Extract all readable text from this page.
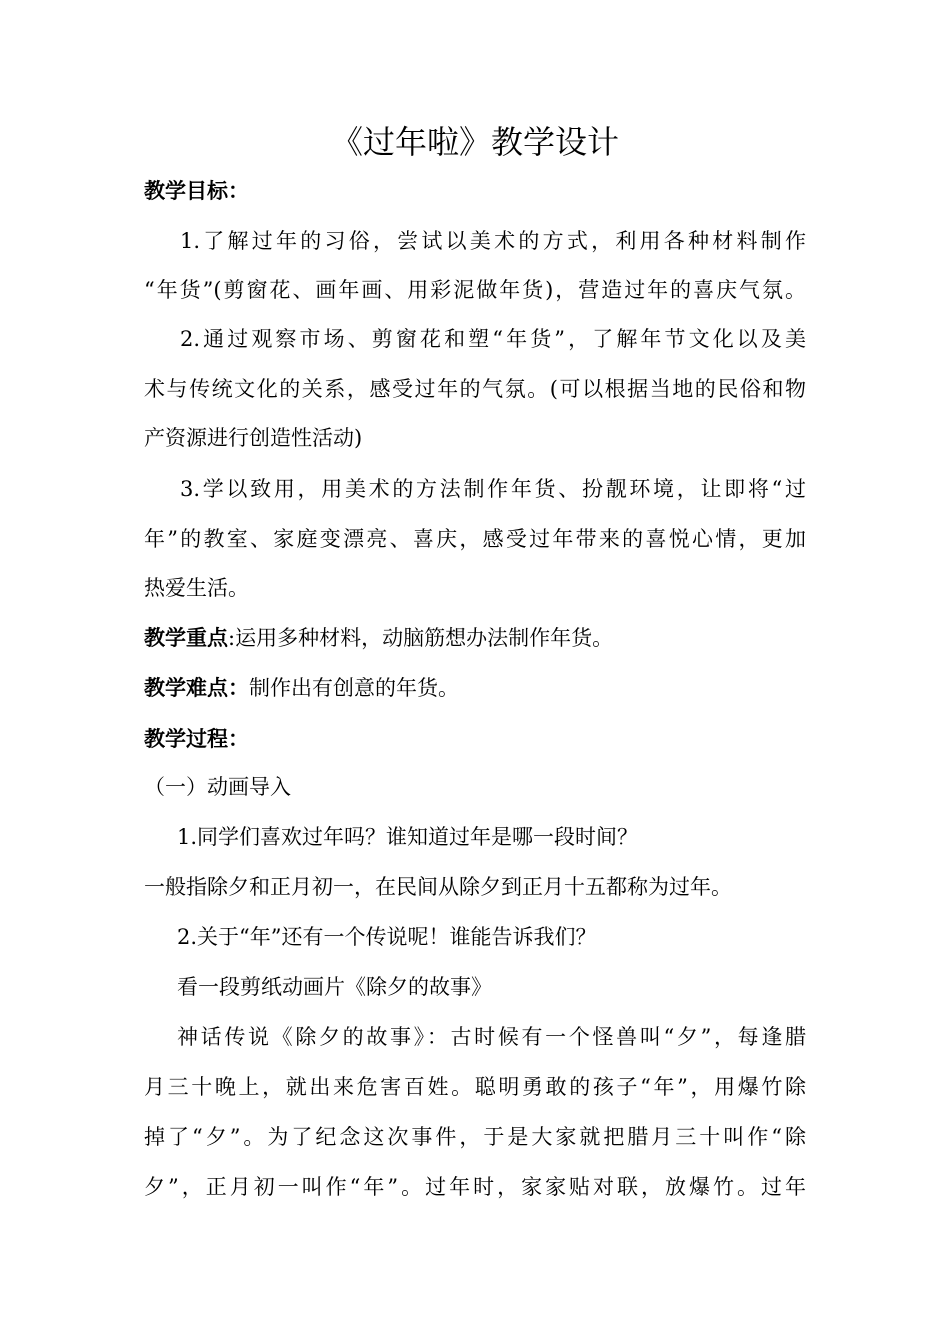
《过年啦》教学设计
教学目标：
1.了解过年的习俗，尝试以美术的方式，利用各种材料制作
“年货”(剪窗花、画年画、用彩泥做年货)，营造过年的喜庆气氛。
2.通过观察市场、剪窗花和塑“年货”，了解年节文化以及美
术与传统文化的关系，感受过年的气氛。(可以根据当地的民俗和物
产资源进行创造性活动)
3.学以致用，用美术的方法制作年货、扮靓环境，让即将“过
年”的教室、家庭变漂亮、喜庆，感受过年带来的喜悦心情，更加
热爱生活。
教学重点:运用多种材料，动脑筋想办法制作年货。
教学难点：制作出有创意的年货。
教学过程：
（一）动画导入
1.同学们喜欢过年吗？谁知道过年是哪一段时间？
一般指除夕和正月初一，在民间从除夕到正月十五都称为过年。
2.关于“年”还有一个传说呢！谁能告诉我们？
看一段剪纸动画片《除夕的故事》
神话传说《除夕的故事》：古时候有一个怪兽叫“夕”，每逢腊
月三十晚上，就出来危害百姓。聪明勇敢的孩子“年”，用爆竹除
掉了“夕”。为了纪念这次事件，于是大家就把腊月三十叫作“除
夕”，正月初一叫作“年”。过年时，家家贴对联，放爆竹。过年
